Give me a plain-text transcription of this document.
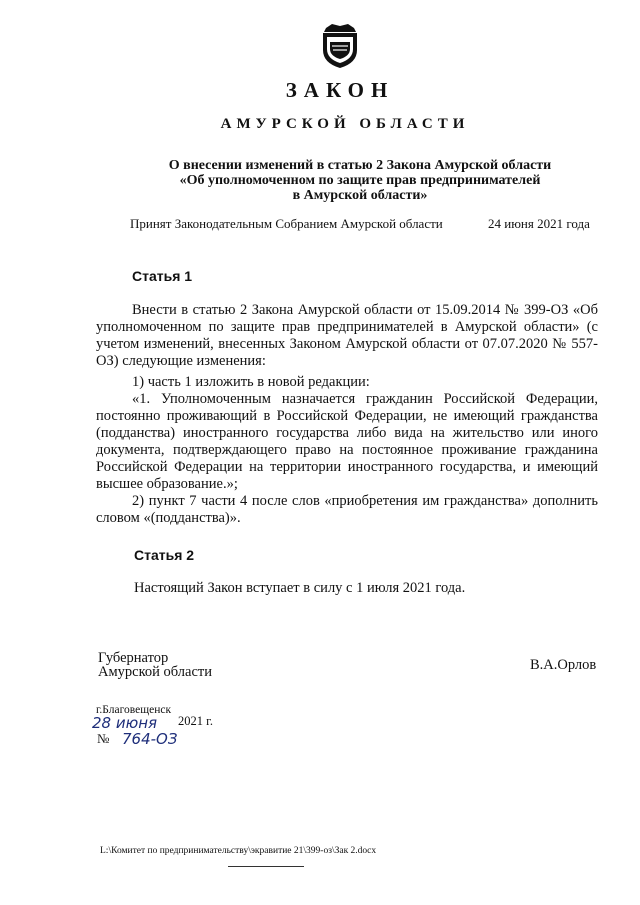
ЗАКОН
АМУРСКОЙ ОБЛАСТИ
О внесении изменений в статью 2 Закона Амурской области
«Об уполномоченном по защите прав предпринимателей
в Амурской области»
Принят Законодательным Собранием Амурской области	24 июня 2021 года
Статья 1
Внести в статью 2 Закона Амурской области от 15.09.2014 № 399-ОЗ «Об уполномоченном по защите прав предпринимателей в Амурской области» (с учетом изменений, внесенных Законом Амурской области от 07.07.2020 № 557-ОЗ) следующие изменения:
1) часть 1 изложить в новой редакции:
«1. Уполномоченным назначается гражданин Российской Федерации, постоянно проживающий в Российской Федерации, не имеющий гражданства (подданства) иностранного государства либо вида на жительство или иного документа, подтверждающего право на постоянное проживание гражданина Российской Федерации на территории иностранного государства, и имеющий высшее образование.»;
2) пункт 7 части 4 после слов «приобретения им гражданства» дополнить словом «(подданства)».
Статья 2
Настоящий Закон вступает в силу с 1 июля 2021 года.
Губернатор
Амурской области	В.А.Орлов
г.Благовещенск
28 июня 2021 г.
№ 764-ОЗ
L:\Комитет по предпринимательству\экравитие 21\399-оз\Зак 2.docx
